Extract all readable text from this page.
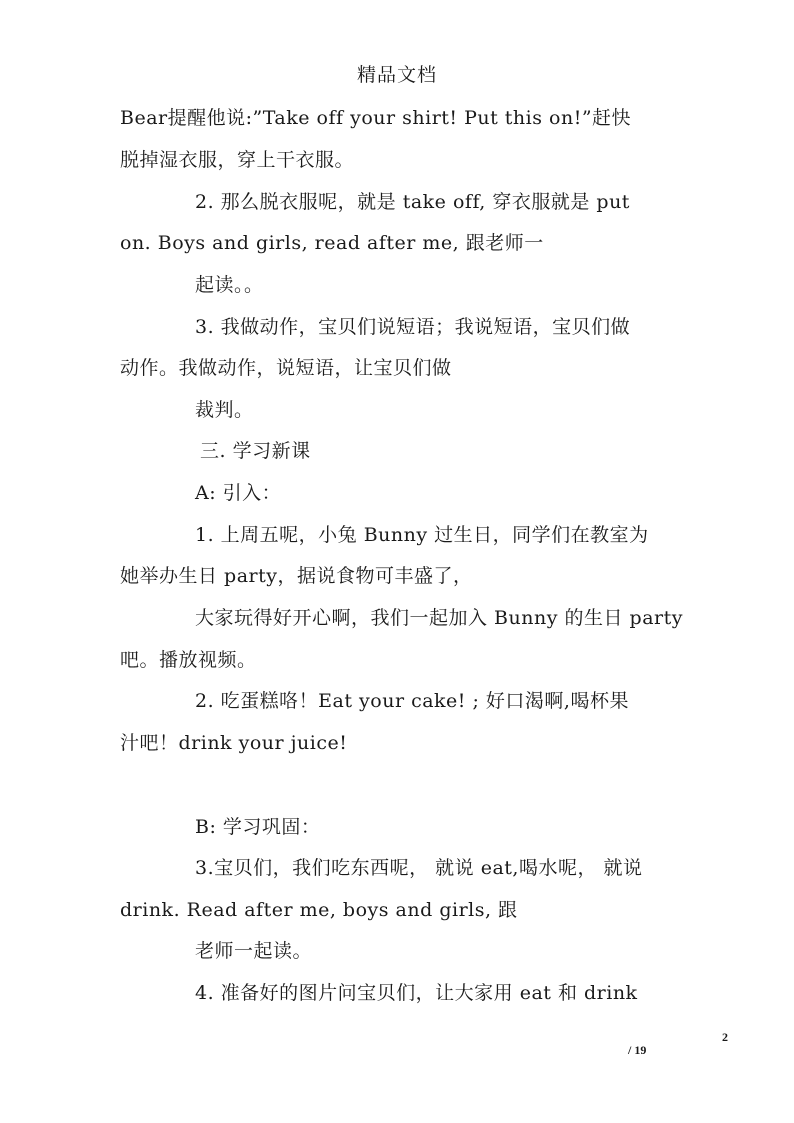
精品文档
Bear提醒他说:”Take off your shirt! Put this on!”赶快
脱掉湿衣服，穿上干衣服。
2. 那么脱衣服呢，就是 take off, 穿衣服就是 put
on. Boys and girls, read after me, 跟老师一
起读。。
3. 我做动作，宝贝们说短语；我说短语，宝贝们做
动作。我做动作，说短语，让宝贝们做
裁判。
三. 学习新课
A: 引入：
1. 上周五呢，小兔 Bunny 过生日，同学们在教室为
她举办生日 party，据说食物可丰盛了，
大家玩得好开心啊，我们一起加入 Bunny 的生日 party
吧。播放视频。
2. 吃蛋糕咯！Eat your cake! ; 好口渴啊,喝杯果
汁吧！drink your juice!
B: 学习巩固：
3.宝贝们，我们吃东西呢， 就说 eat,喝水呢， 就说
drink. Read after me, boys and girls, 跟
老师一起读。
4. 准备好的图片问宝贝们，让大家用 eat 和 drink
2
/ 19
